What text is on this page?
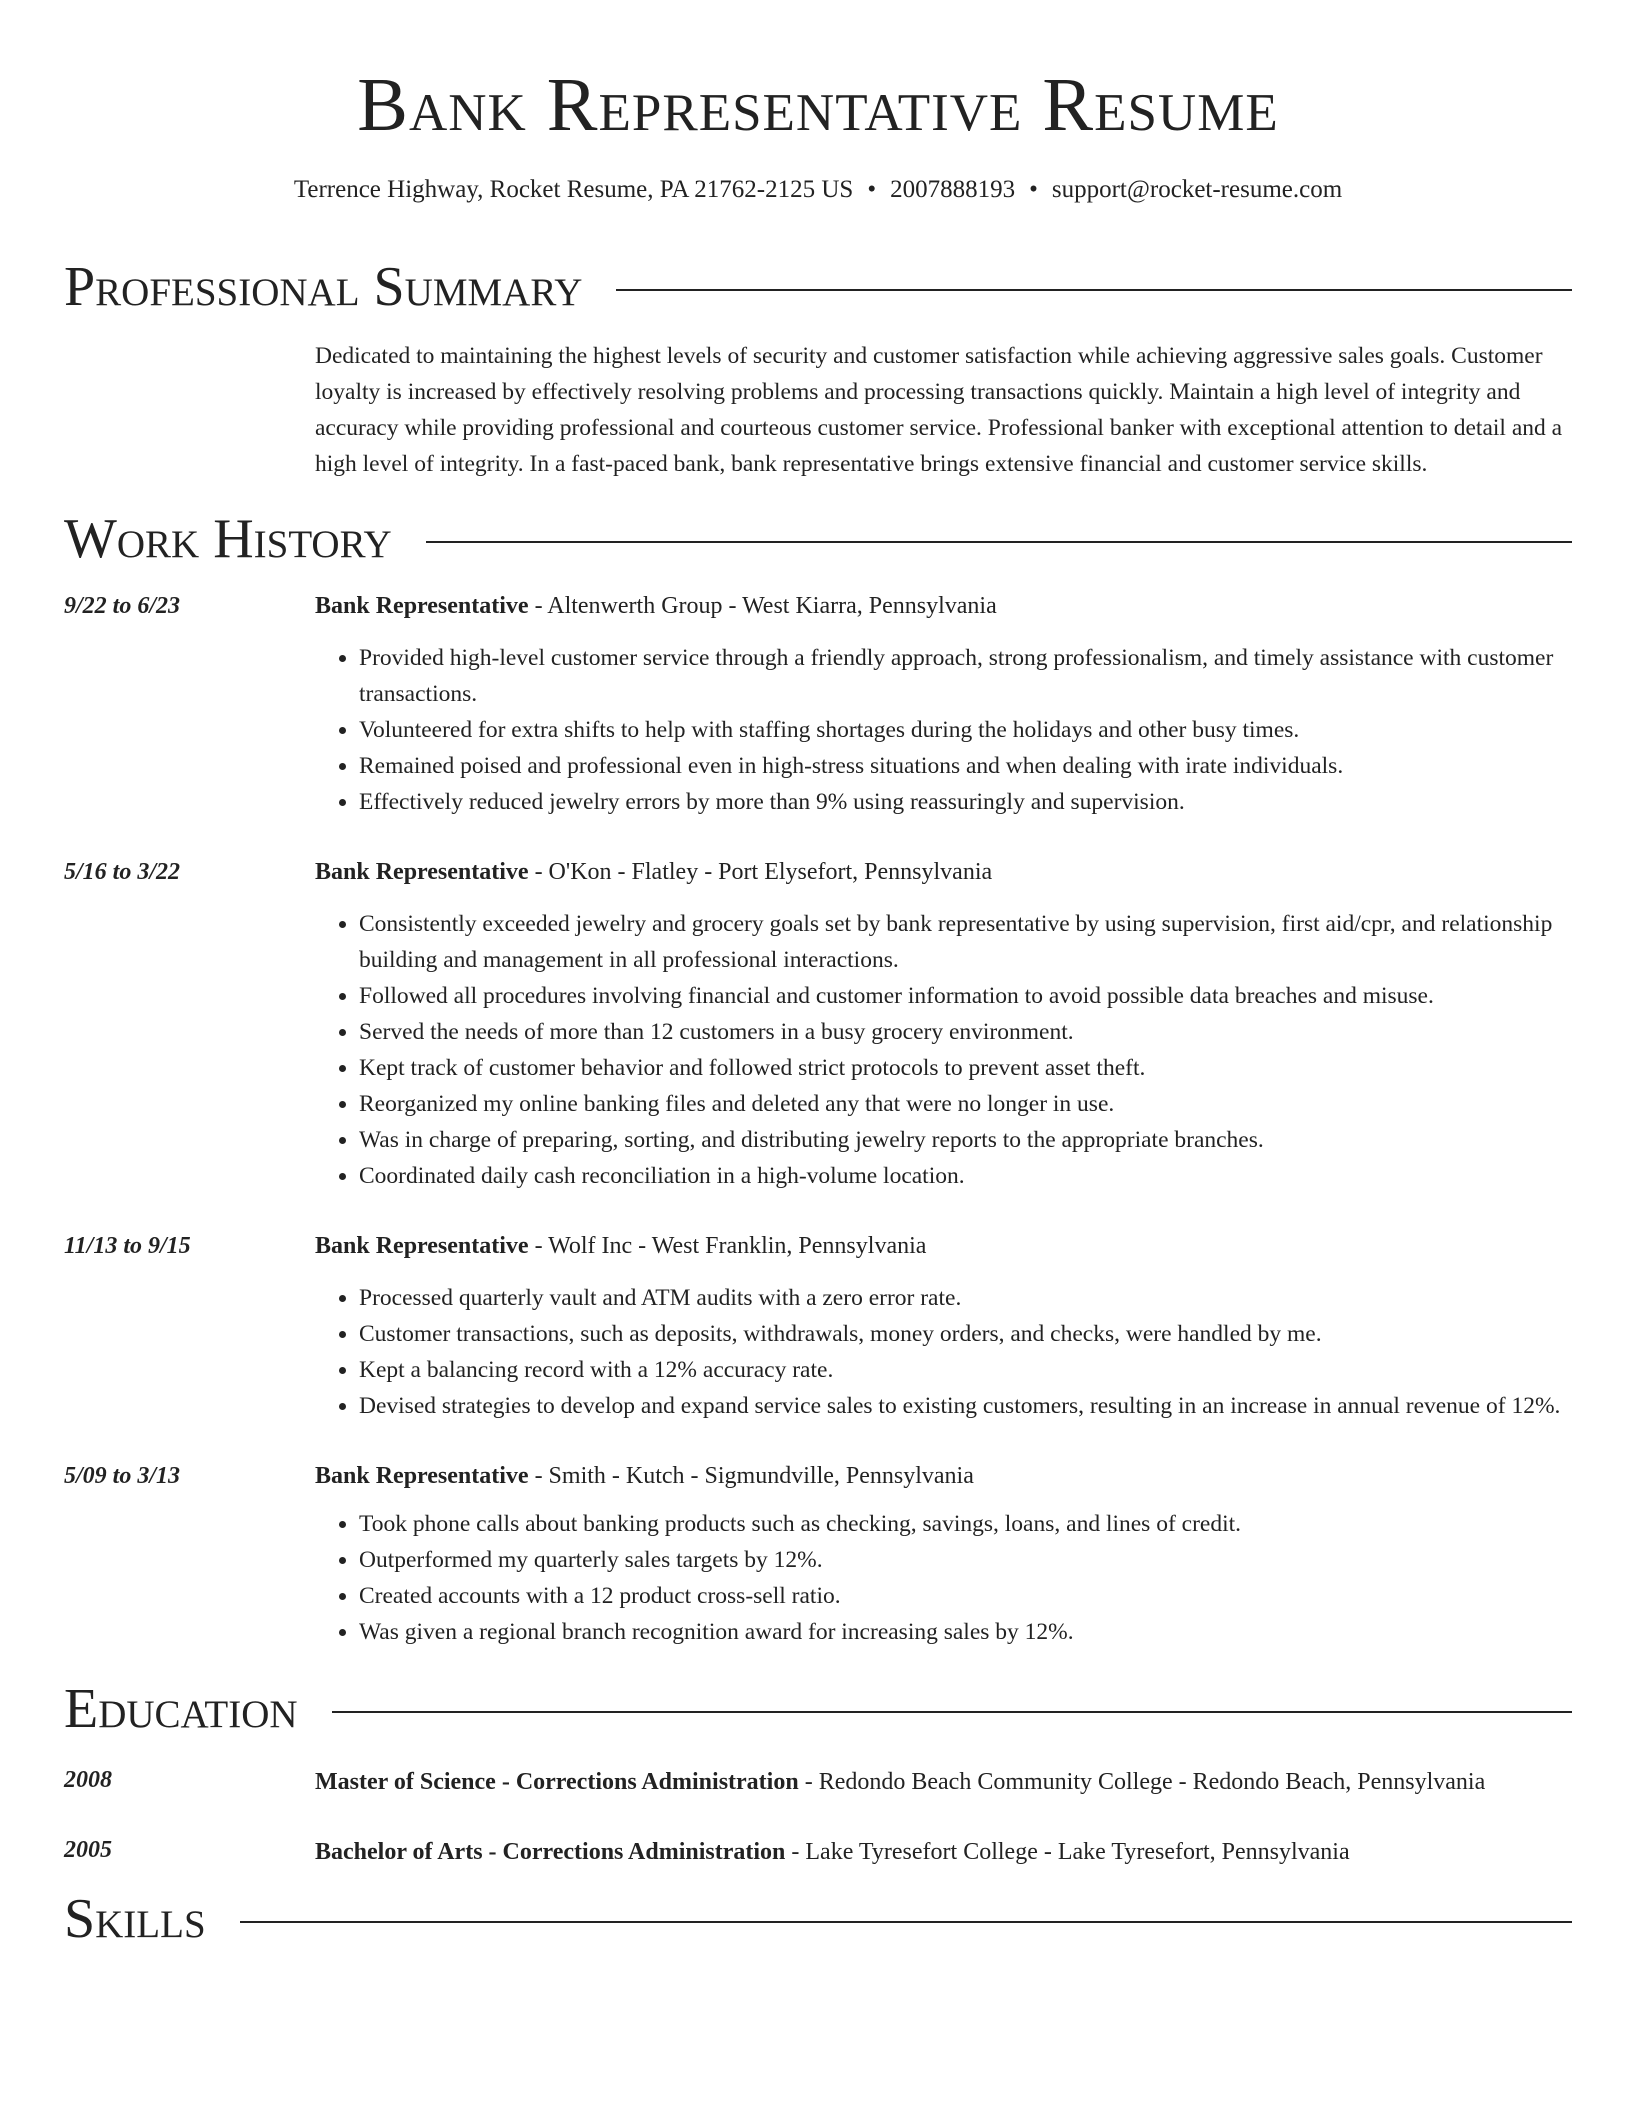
Bank Representative Resume
Terrence Highway, Rocket Resume, PA 21762-2125 US • 2007888193 • support@rocket-resume.com
Professional Summary
Dedicated to maintaining the highest levels of security and customer satisfaction while achieving aggressive sales goals. Customer loyalty is increased by effectively resolving problems and processing transactions quickly. Maintain a high level of integrity and accuracy while providing professional and courteous customer service. Professional banker with exceptional attention to detail and a high level of integrity. In a fast-paced bank, bank representative brings extensive financial and customer service skills.
Work History
9/22 to 6/23	Bank Representative - Altenwerth Group - West Kiarra, Pennsylvania

• Provided high-level customer service through a friendly approach, strong professionalism, and timely assistance with customer transactions.
• Volunteered for extra shifts to help with staffing shortages during the holidays and other busy times.
• Remained poised and professional even in high-stress situations and when dealing with irate individuals.
• Effectively reduced jewelry errors by more than 9% using reassuringly and supervision.
5/16 to 3/22	Bank Representative - O'Kon - Flatley - Port Elysefort, Pennsylvania

• Consistently exceeded jewelry and grocery goals set by bank representative by using supervision, first aid/cpr, and relationship building and management in all professional interactions.
• Followed all procedures involving financial and customer information to avoid possible data breaches and misuse.
• Served the needs of more than 12 customers in a busy grocery environment.
• Kept track of customer behavior and followed strict protocols to prevent asset theft.
• Reorganized my online banking files and deleted any that were no longer in use.
• Was in charge of preparing, sorting, and distributing jewelry reports to the appropriate branches.
• Coordinated daily cash reconciliation in a high-volume location.
11/13 to 9/15	Bank Representative - Wolf Inc - West Franklin, Pennsylvania

• Processed quarterly vault and ATM audits with a zero error rate.
• Customer transactions, such as deposits, withdrawals, money orders, and checks, were handled by me.
• Kept a balancing record with a 12% accuracy rate.
• Devised strategies to develop and expand service sales to existing customers, resulting in an increase in annual revenue of 12%.
5/09 to 3/13	Bank Representative - Smith - Kutch - Sigmundville, Pennsylvania

• Took phone calls about banking products such as checking, savings, loans, and lines of credit.
• Outperformed my quarterly sales targets by 12%.
• Created accounts with a 12 product cross-sell ratio.
• Was given a regional branch recognition award for increasing sales by 12%.
Education
2008	Master of Science - Corrections Administration - Redondo Beach Community College - Redondo Beach, Pennsylvania

2005	Bachelor of Arts - Corrections Administration - Lake Tyresefort College - Lake Tyresefort, Pennsylvania

Skills
